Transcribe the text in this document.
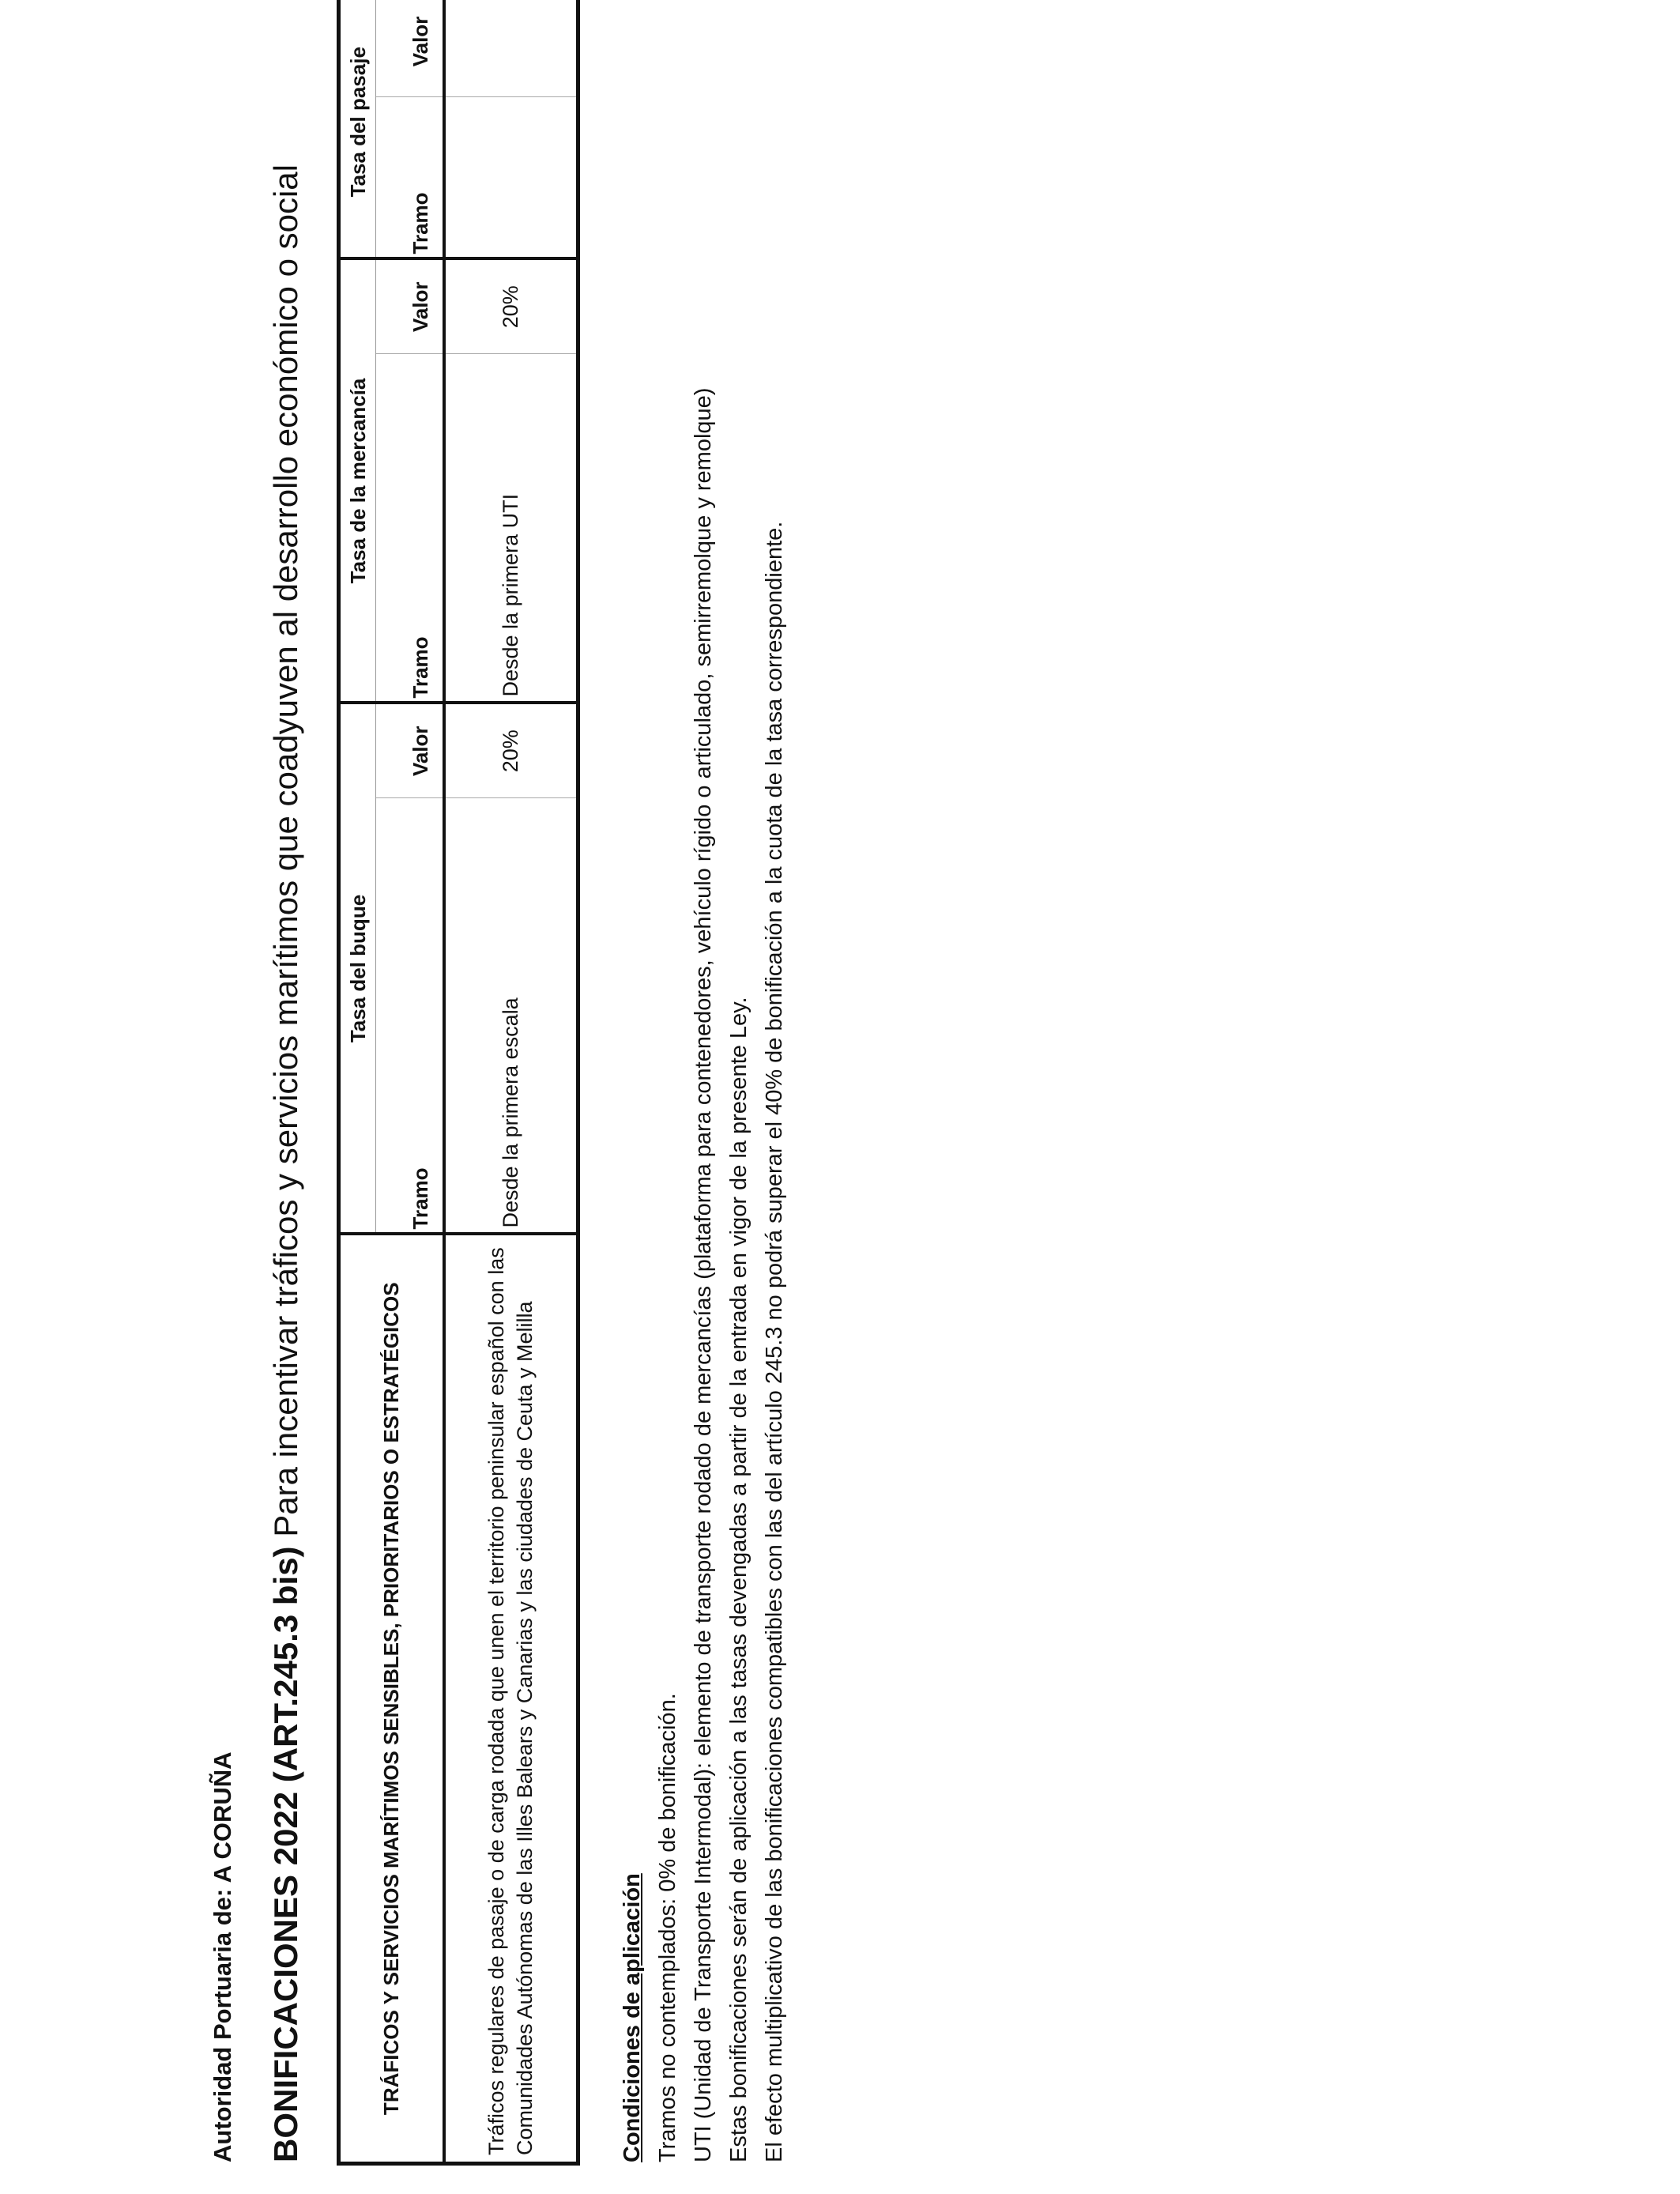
Autoridad Portuaria de: A CORUÑA BONIFICACIONES 2022 (ART.245.3 bis) Para incentivar tráficos y servicios marítimos que coadyuven al desarrollo económico o social
TRÁFICOS Y SERVICIOS MARÍTIMOS SENSIBLES, PRIORITARIOS O ESTRATÉGICOS	Tasa del buque		Tasa de la mercancía		Tasa del pasaje	
	Tramo	Valor	Tramo	Valor	Tramo	Valor
Tráficos regulares de pasaje o de carga rodada que unen el territorio peninsular español con las Comunidades Autónomas de las Illes Balears y Canarias y las ciudades de Ceuta y Melilla	Desde la primera escala	20%	Desde la primera UTI	20%		
Condiciones de aplicación Tramos no contemplados: 0% de bonificación. UTI (Unidad de Transporte Intermodal): elemento de transporte rodado de mercancías (plataforma para contenedores, vehículo rígido o articulado, semirremolque y remolque) Estas bonificaciones serán de aplicación a las tasas devengadas a partir de la entrada en vigor de la presente Ley. El efecto multiplicativo de las bonificaciones compatibles con las del artículo 245.3 no podrá superar el 40% de bonificación a la cuota de la tasa correspondiente.
